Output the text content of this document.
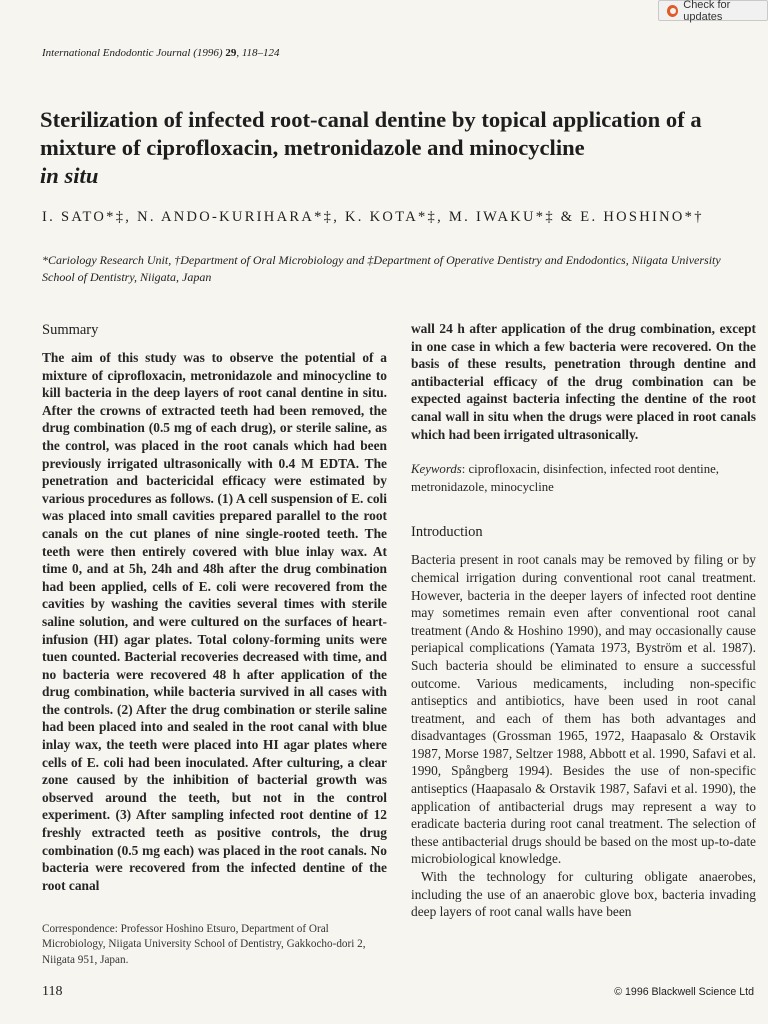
Check for updates
International Endodontic Journal (1996) 29, 118–124
Sterilization of infected root-canal dentine by topical application of a mixture of ciprofloxacin, metronidazole and minocycline
in situ
I. SATO*‡, N. ANDO-KURIHARA*‡, K. KOTA*‡, M. IWAKU*‡ & E. HOSHINO*†
*Cariology Research Unit, †Department of Oral Microbiology and ‡Department of Operative Dentistry and Endodontics, Niigata University School of Dentistry, Niigata, Japan
Summary

The aim of this study was to observe the potential of a mixture of ciprofloxacin, metronidazole and minocycline to kill bacteria in the deep layers of root canal dentine in situ. After the crowns of extracted teeth had been removed, the drug combination (0.5 mg of each drug), or sterile saline, as the control, was placed in the root canals which had been previously irrigated ultrasonically with 0.4 M EDTA. The penetration and bactericidal efficacy were estimated by various procedures as follows. (1) A cell suspension of E. coli was placed into small cavities prepared parallel to the root canals on the cut planes of nine single-rooted teeth. The teeth were then entirely covered with blue inlay wax. At time 0, and at 5h, 24h and 48h after the drug combination had been applied, cells of E. coli were recovered from the cavities by washing the cavities several times with sterile saline solution, and were cultured on the surfaces of heart-infusion (HI) agar plates. Total colony-forming units were tuen counted. Bacterial recoveries decreased with time, and no bacteria were recovered 48 h after application of the drug combination, while bacteria survived in all cases with the controls. (2) After the drug combination or sterile saline had been placed into and sealed in the root canal with blue inlay wax, the teeth were placed into HI agar plates where cells of E. coli had been inoculated. After culturing, a clear zone caused by the inhibition of bacterial growth was observed around the teeth, but not in the control experiment. (3) After sampling infected root dentine of 12 freshly extracted teeth as positive controls, the drug combination (0.5 mg each) was placed in the root canals. No bacteria were recovered from the infected dentine of the root canal

wall 24 h after application of the drug combination, except in one case in which a few bacteria were recovered. On the basis of these results, penetration through dentine and antibacterial efficacy of the drug combination can be expected against bacteria infecting the dentine of the root canal wall in situ when the drugs were placed in root canals which had been irrigated ultrasonically.

Keywords: ciprofloxacin, disinfection, infected root dentine, metronidazole, minocycline

Introduction

Bacteria present in root canals may be removed by filing or by chemical irrigation during conventional root canal treatment. However, bacteria in the deeper layers of infected root dentine may sometimes remain even after conventional root canal treatment (Ando & Hoshino 1990), and may occasionally cause periapical complications (Yamata 1973, Byström et al. 1987). Such bacteria should be eliminated to ensure a successful outcome. Various medicaments, including non-specific antiseptics and antibiotics, have been used in root canal treatment, and each of them has both advantages and disadvantages (Grossman 1965, 1972, Haapasalo & Orstavik 1987, Morse 1987, Seltzer 1988, Abbott et al. 1990, Safavi et al. 1990, Spångberg 1994). Besides the use of non-specific antiseptics (Haapasalo & Orstavik 1987, Safavi et al. 1990), the application of antibacterial drugs may represent a way to eradicate bacteria during root canal treatment. The selection of these antibacterial drugs should be based on the most up-to-date microbiological knowledge.

With the technology for culturing obligate anaerobes, including the use of an anaerobic glove box, bacteria invading deep layers of root canal walls have been

Correspondence: Professor Hoshino Etsuro, Department of Oral Microbiology, Niigata University School of Dentistry, Gakkocho-dori 2, Niigata 951, Japan.
118	© 1996 Blackwell Science Ltd
